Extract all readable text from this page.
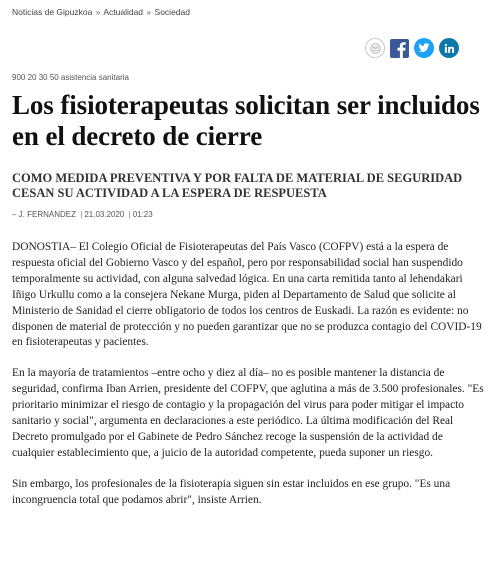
Noticias de Gipuzkoa » Actualidad » Sociedad
900 20 30 50 asistencia sanitaria
Los fisioterapeutas solicitan ser incluidos en el decreto de cierre
COMO MEDIDA PREVENTIVA Y POR FALTA DE MATERIAL DE SEGURIDAD CESAN SU ACTIVIDAD A LA ESPERA DE RESPUESTA
– J. FERNÁNDEZ | 21.03.2020 | 01:23

DONOSTIA– El Colegio Oficial de Fisioterapeutas del País Vasco (COFPV) está a la espera de respuesta oficial del Gobierno Vasco y del español, pero por responsabilidad social han suspendido temporalmente su actividad, con alguna salvedad lógica. En una carta remitida tanto al lehendakari Iñigo Urkullu como a la consejera Nekane Murga, piden al Departamento de Salud que solicite al Ministerio de Sanidad el cierre obligatorio de todos los centros de Euskadi. La razón es evidente: no disponen de material de protección y no pueden garantizar que no se produzca contagio del COVID-19 en fisioterapeutas y pacientes.

En la mayoría de tratamientos –entre ocho y diez al día– no es posible mantener la distancia de seguridad, confirma Iban Arrien, presidente del COFPV, que aglutina a más de 3.500 profesionales. "Es prioritario minimizar el riesgo de contagio y la propagación del virus para poder mitigar el impacto sanitario y social", argumenta en declaraciones a este periódico. La última modificación del Real Decreto promulgado por el Gabinete de Pedro Sánchez recoge la suspensión de la actividad de cualquier establecimiento que, a juicio de la autoridad competente, pueda suponer un riesgo.

Sin embargo, los profesionales de la fisioterapia siguen sin estar incluidos en ese grupo. "Es una incongruencia total que podamos abrir", insiste Arrien.
